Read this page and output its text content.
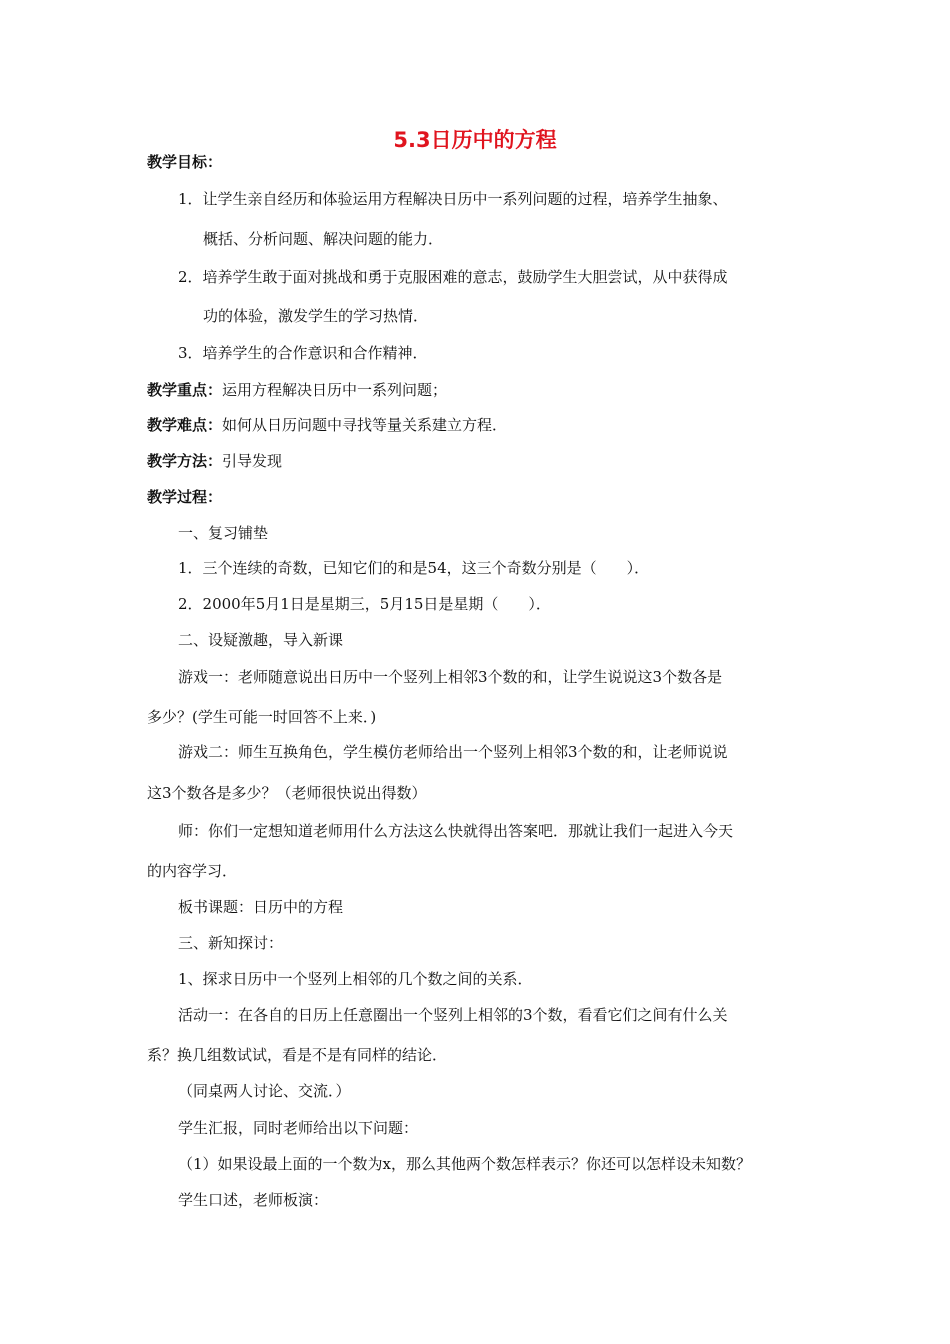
5.3日历中的方程
教学目标：
1．让学生亲自经历和体验运用方程解决日历中一系列问题的过程，培养学生抽象、
概括、分析问题、解决问题的能力．
2．培养学生敢于面对挑战和勇于克服困难的意志，鼓励学生大胆尝试，从中获得成
功的体验，激发学生的学习热情．
3．培养学生的合作意识和合作精神．
教学重点：运用方程解决日历中一系列问题；
教学难点：如何从日历问题中寻找等量关系建立方程．
教学方法：引导发现
教学过程：
一、复习铺垫
1．三个连续的奇数，已知它们的和是54，这三个奇数分别是（　　）．
2．2000年5月1日是星期三，5月15日是星期（　　）．
二、设疑激趣，导入新课
游戏一：老师随意说出日历中一个竖列上相邻3个数的和，让学生说说这3个数各是
多少？(学生可能一时回答不上来．)
游戏二：师生互换角色，学生模仿老师给出一个竖列上相邻3个数的和，让老师说说
这3个数各是多少？（老师很快说出得数）
师：你们一定想知道老师用什么方法这么快就得出答案吧．那就让我们一起进入今天
的内容学习．
板书课题：日历中的方程
三、新知探讨：
1、探求日历中一个竖列上相邻的几个数之间的关系．
活动一：在各自的日历上任意圈出一个竖列上相邻的3个数，看看它们之间有什么关
系？换几组数试试，看是不是有同样的结论．
（同桌两人讨论、交流．）
学生汇报，同时老师给出以下问题：
（1）如果设最上面的一个数为x，那么其他两个数怎样表示？你还可以怎样设未知数？
学生口述，老师板演：
